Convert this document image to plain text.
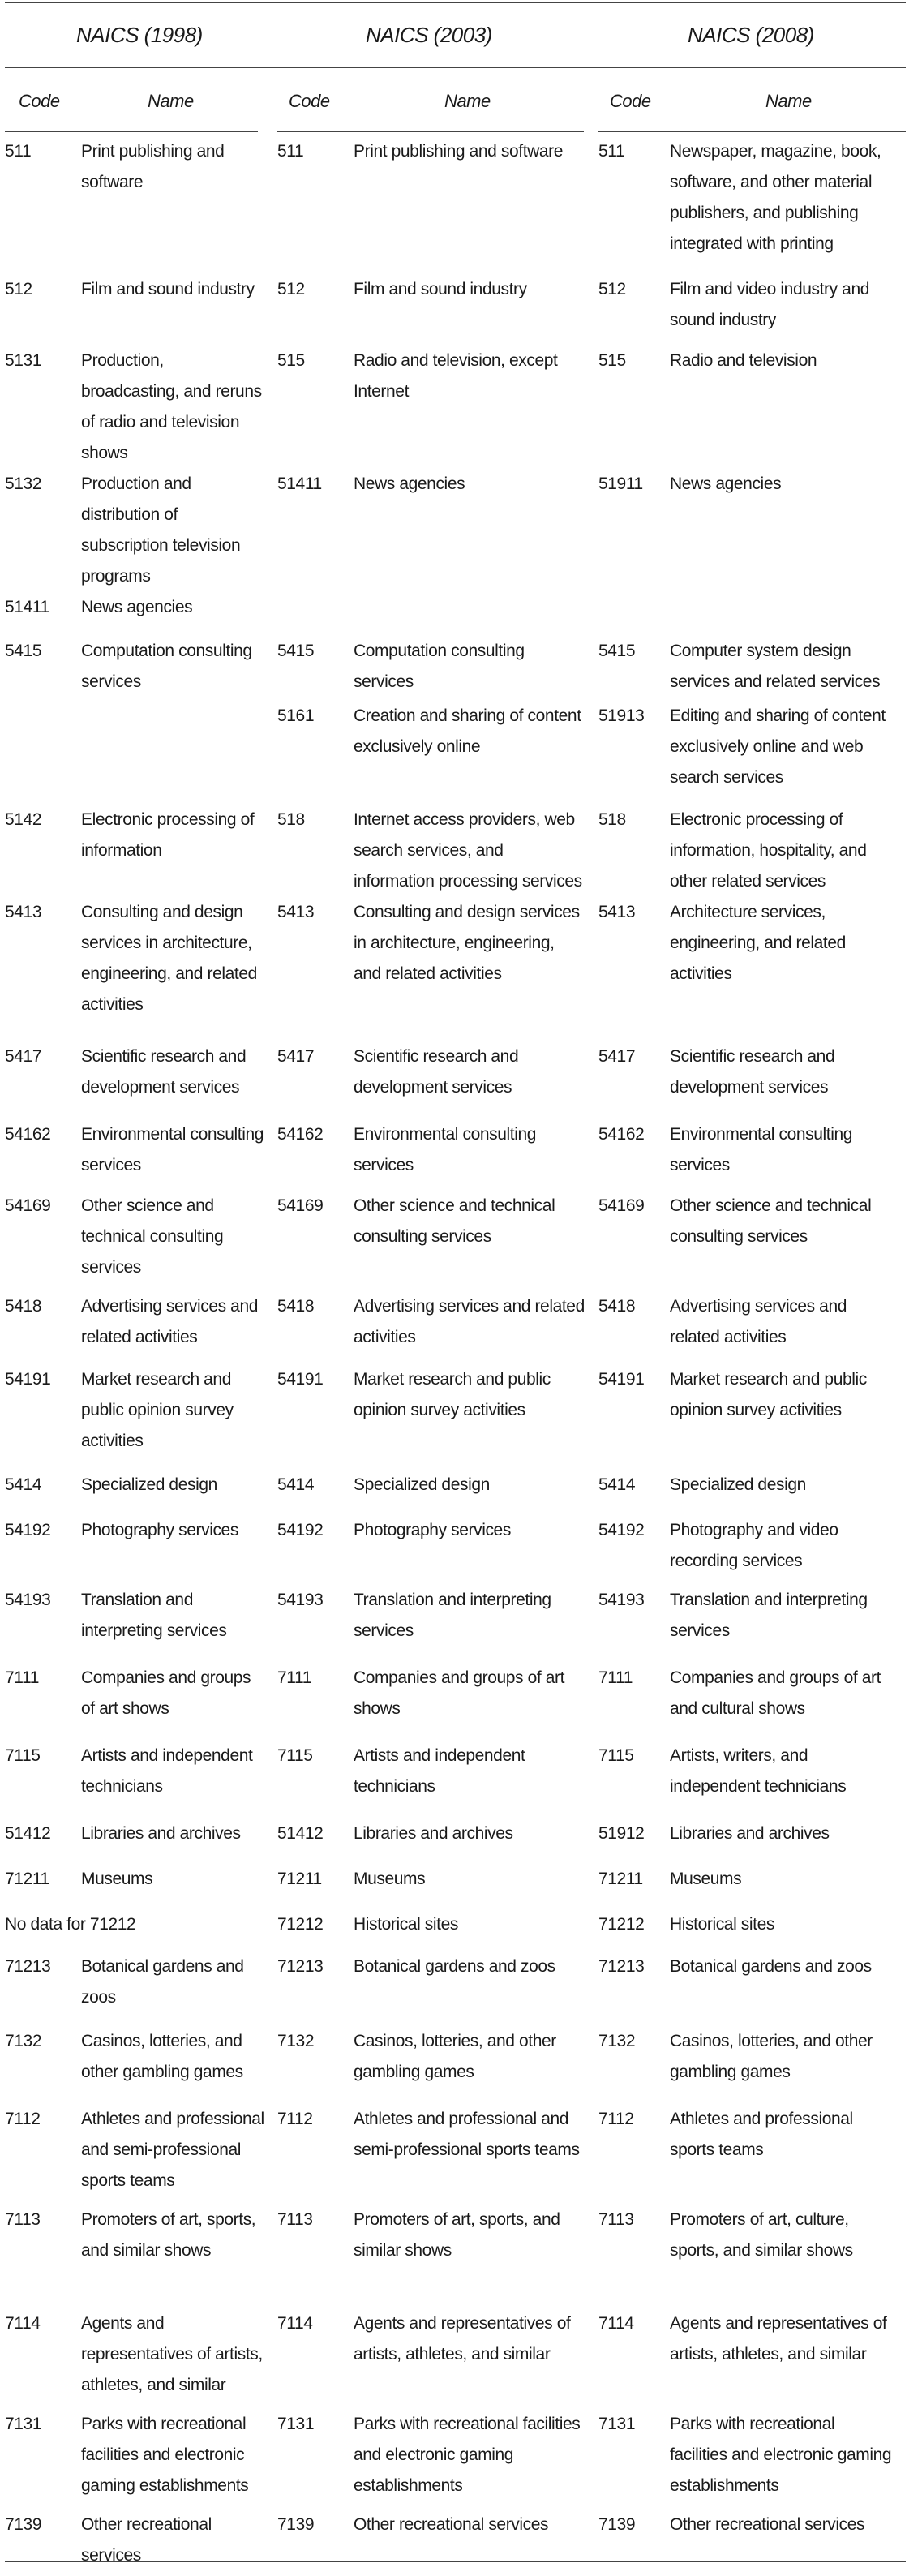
NAICS (1998)	NAICS (2003)	NAICS (2008)
Code	Name	Code	Name	Code	Name
511	Print publishing and software	511	Print publishing and software	511	Newspaper, magazine, book, software, and other material publishers, and publishing integrated with printing
512	Film and sound industry	512	Film and sound industry	512	Film and video industry and sound industry
5131	Production, broadcasting, and reruns of radio and television shows	515	Radio and television, except Internet	515	Radio and television
5132	Production and distribution of subscription television programs	51411	News agencies	51911	News agencies
51411	News agencies				
5415	Computation consulting services	5415	Computation consulting services	5415	Computer system design services and related services
		5161	Creation and sharing of content exclusively online	51913	Editing and sharing of content exclusively online and web search services
5142	Electronic processing of information	518	Internet access providers, web search services, and information processing services	518	Electronic processing of information, hospitality, and other related services
5413	Consulting and design services in architecture, engineering, and related activities	5413	Consulting and design services in architecture, engineering, and related activities	5413	Architecture services, engineering, and related activities
5417	Scientific research and development services	5417	Scientific research and development services	5417	Scientific research and development services
54162	Environmental consulting services	54162	Environmental consulting services	54162	Environmental consulting services
54169	Other science and technical consulting services	54169	Other science and technical consulting services	54169	Other science and technical consulting services
5418	Advertising services and related activities	5418	Advertising services and related activities	5418	Advertising services and related activities
54191	Market research and public opinion survey activities	54191	Market research and public opinion survey activities	54191	Market research and public opinion survey activities
5414	Specialized design	5414	Specialized design	5414	Specialized design
54192	Photography services	54192	Photography services	54192	Photography and video recording services
54193	Translation and interpreting services	54193	Translation and interpreting services	54193	Translation and interpreting services
7111	Companies and groups of art shows	7111	Companies and groups of art shows	7111	Companies and groups of art and cultural shows
7115	Artists and independent technicians	7115	Artists and independent technicians	7115	Artists, writers, and independent technicians
51412	Libraries and archives	51412	Libraries and archives	51912	Libraries and archives
71211	Museums	71211	Museums	71211	Museums
No data for 71212		71212	Historical sites	71212	Historical sites
71213	Botanical gardens and zoos	71213	Botanical gardens and zoos	71213	Botanical gardens and zoos
7132	Casinos, lotteries, and other gambling games	7132	Casinos, lotteries, and other gambling games	7132	Casinos, lotteries, and other gambling games
7112	Athletes and professional and semi-professional sports teams	7112	Athletes and professional and semi-professional sports teams	7112	Athletes and professional sports teams
7113	Promoters of art, sports, and similar shows	7113	Promoters of art, sports, and similar shows	7113	Promoters of art, culture, sports, and similar shows
7114	Agents and representatives of artists, athletes, and similar	7114	Agents and representatives of artists, athletes, and similar	7114	Agents and representatives of artists, athletes, and similar
7131	Parks with recreational facilities and electronic gaming establishments	7131	Parks with recreational facilities and electronic gaming establishments	7131	Parks with recreational facilities and electronic gaming establishments
7139	Other recreational services	7139	Other recreational services	7139	Other recreational services
